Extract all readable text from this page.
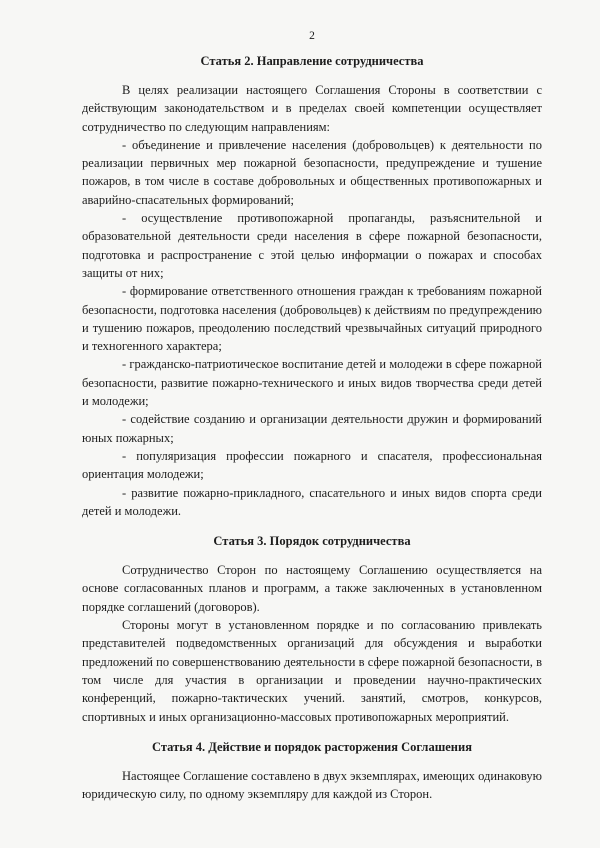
2
Статья 2. Направление сотрудничества

В целях реализации настоящего Соглашения Стороны в соответствии с действующим законодательством и в пределах своей компетенции осуществляет сотрудничество по следующим направлениям:

- объединение и привлечение населения (добровольцев) к деятельности по реализации первичных мер пожарной безопасности, предупреждение и тушение пожаров, в том числе в составе добровольных и общественных противопожарных и аварийно-спасательных формирований;

- осуществление противопожарной пропаганды, разъяснительной и образовательной деятельности среди населения в сфере пожарной безопасности, подготовка и распространение с этой целью информации о пожарах и способах защиты от них;

- формирование ответственного отношения граждан к требованиям пожарной безопасности, подготовка населения (добровольцев) к действиям по предупреждению и тушению пожаров, преодолению последствий чрезвычайных ситуаций природного и техногенного характера;

- гражданско-патриотическое воспитание детей и молодежи в сфере пожарной безопасности, развитие пожарно-технического и иных видов творчества среди детей и молодежи;

- содействие созданию и организации деятельности дружин и формирований юных пожарных;

- популяризация профессии пожарного и спасателя, профессиональная ориентация молодежи;

- развитие пожарно-прикладного, спасательного и иных видов спорта среди детей и молодежи.

Статья 3. Порядок сотрудничества

Сотрудничество Сторон по настоящему Соглашению осуществляется на основе согласованных планов и программ, а также заключенных в установленном порядке соглашений (договоров).

Стороны могут в установленном порядке и по согласованию привлекать представителей подведомственных организаций для обсуждения и выработки предложений по совершенствованию деятельности в сфере пожарной безопасности, в том числе для участия в организации и проведении научно-практических конференций, пожарно-тактических учений. занятий, смотров, конкурсов, спортивных и иных организационно-массовых противопожарных мероприятий.

Статья 4. Действие и порядок расторжения Соглашения

Настоящее Соглашение составлено в двух экземплярах, имеющих одинаковую юридическую силу, по одному экземпляру для каждой из Сторон.
